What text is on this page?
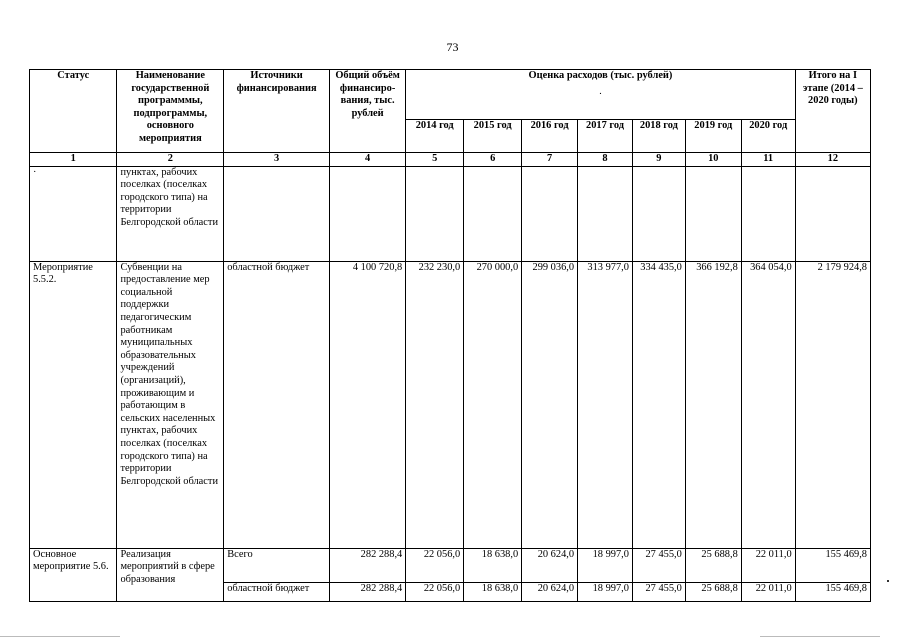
73
Статус	Наименование государственной программмы, подпрограммы, основного мероприятия	Источники финансирования	Общий объём финансиро-вания, тыс. рублей	Оценка расходов (тыс. рублей)
·							Итого на I этапе (2014 – 2020 годы)
				2014 год	2015 год	2016 год	2017 год	2018 год	2019 год	2020 год	
1	2	3	4	5	6	7	8	9	10	11	12
·	пунктах, рабочих поселках (поселках городского типа) на территории Белгородской области										
Мероприятие 5.5.2.	Субвенции на предоставление мер социальной поддержки педагогическим работникам муниципальных образовательных учреждений (организаций), проживающим и работающим в сельских населенных пунктах, рабочих поселках (поселках городского типа) на территории Белгородской области	областной бюджет	4 100 720,8	232 230,0	270 000,0	299 036,0	313 977,0	334 435,0	366 192,8	364 054,0	2 179 924,8
Основное мероприятие 5.6.	Реализация мероприятий в сфере образования	Всего	282 288,4	22 056,0	18 638,0	20 624,0	18 997,0	27 455,0	25 688,8	22 011,0	155 469,8
		областной бюджет	282 288,4	22 056,0	18 638,0	20 624,0	18 997,0	27 455,0	25 688,8	22 011,0	155 469,8
